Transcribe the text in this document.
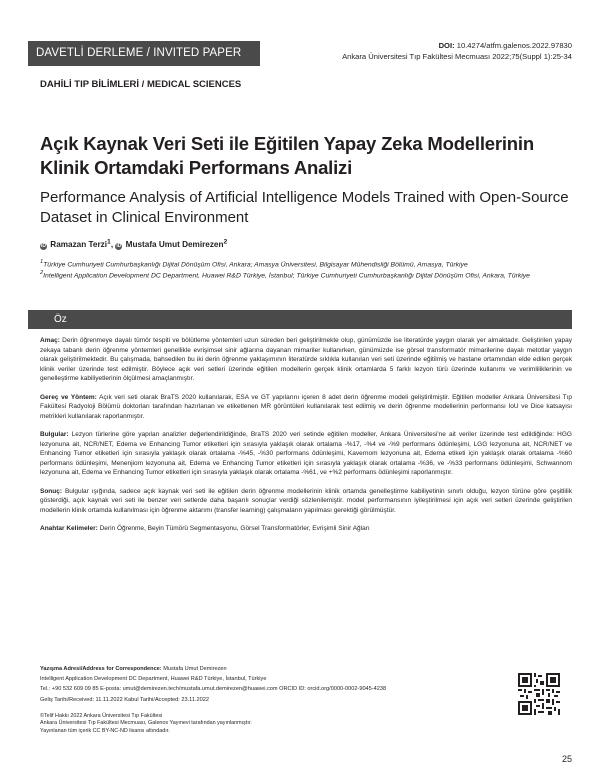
DAVETLİ DERLEME / INVITED PAPER
DOI: 10.4274/atfm.galenos.2022.97830
Ankara Üniversitesi Tıp Fakültesi Mecmuası 2022;75(Suppl 1):25-34
DAHİLİ TIP BİLİMLERİ / MEDICAL SCIENCES
Açık Kaynak Veri Seti ile Eğitilen Yapay Zeka Modellerinin Klinik Ortamdaki Performans Analizi
Performance Analysis of Artificial Intelligence Models Trained with Open-Source Dataset in Clinical Environment
iD Ramazan Terzi$^1$, iD Mustafa Umut Demirezen$^2$
$^1$Türkiye Cumhuriyeti Cumhurbaşkanlığı Dijital Dönüşüm Ofisi, Ankara; Amasya Üniversitesi, Bilgisayar Mühendisliği Bölümü, Amasya, Türkiye
$^2$Intelligent Application Development DC Department, Huawei R&D Türkiye, İstanbul; Türkiye Cumhuriyeti Cumhurbaşkanlığı Dijital Dönüşüm Ofisi, Ankara, Türkiye
Öz

Amaç: Derin öğrenmeye dayalı tümör tespiti ve bölütleme yöntemleri uzun süreden beri geliştirilmekte olup, günümüzde ise literatürde yaygın olarak yer almaktadır. Geliştirilen yapay zekaya tabanlı derin öğrenme yöntemleri genellikle evrişimsel sinir ağlarına dayanan mimariler kullanırken, günümüzde ise görsel transformatör mimarilerine dayalı metotlar yaygın olarak geliştirilmektedir. Bu çalışmada, bahsedilen bu iki derin öğrenme yaklaşımının literatürde sıklıkla kullanılan veri seti üzerinde eğitilmiş ve hastane ortamından elde edilen gerçek klinik veriler üzerinde test edilmiştir. Böylece açık veri setleri üzerinde eğitilen modellerin gerçek klinik ortamlarda 5 farklı lezyon türü üzerinde kullanımı ve verimliliklerinin ve genelleştirme kabiliyetlerinin ölçülmesi amaçlanmıştır.

Gereç ve Yöntem: Açık veri seti olarak BraTS 2020 kullanılarak, ESA ve GT yapılarını içeren 8 adet derin öğrenme modeli geliştirilmiştir. Eğitilen modeller Ankara Üniversitesi Tıp Fakültesi Radyoloji Bölümü doktorları tarafından hazırlanan ve etiketlenen MR görüntüleri kullanılarak test edilmiş ve derin öğrenme modellerinin performansı IoU ve Dice katsayısı metrikleri kullanılarak raporlanmıştır.

Bulgular: Lezyon türlerine göre yapılan analizler değerlendirildiğinde, BraTS 2020 veri setinde eğitilen modeller, Ankara Üniversitesi'ne ait veriler üzerinde test edildiğinde: HGG lezyonuna ait, NCR/NET, Edema ve Enhancing Tumor etiketleri için sırasıyla yaklaşık olarak ortalama -%17, -%4 ve -%9 performans ödünleşimi, LGG lezyonuna ait, NCR/NET ve Enhancing Tumor etiketleri için sırasıyla yaklaşık olarak ortalama -%45, -%30 performans ödünleşimi, Kavernom lezyonuna ait, Edema etiketi için yaklaşık olarak ortalama -%60 performans ödünleşimi, Menenjiom lezyonuna ait, Edema ve Enhancing Tumor etiketleri için sırasıyla yaklaşık olarak ortalama -%36, ve -%33 performans ödünleşimi, Schwannom lezyonuna ait, Edema ve Enhancing Tumor etiketleri için sırasıyla yaklaşık olarak ortalama -%61, ve +%2 performans ödünleşimi raporlanmıştır.

Sonuç: Bulgular ışığında, sadece açık kaynak veri seti ile eğitilen derin öğrenme modellerinin klinik ortamda genelleştirme kabiliyetinin sınırlı olduğu, lezyon türüne göre çeşitlilik gösterdiği, açık kaynak veri seti ile benzer veri setlerde daha başarılı sonuçlar verdiği sözlenilemiştir. model performansının iyileştirilmesi için açık veri setleri üzerinde geliştirilen modellerin klinik ortamda kullanılması için öğrenme aktarımı (transfer learning) çalışmaların yapılması gerektiği görülmüştür.

Anahtar Kelimeler: Derin Öğrenme, Beyin Tümörü Segmentasyonu, Görsel Transformatörler, Evrişimli Sinir Ağları

Yazışma Adresi/Address for Correspondence: Mustafa Umut Demirezen
Intelligent Application Development DC Department, Huawei R&D Türkiye, İstanbul, Türkiye
Tel.: +90 532 609 09 85 E-posta: umut@demirezen.tech/mustafa.umut.demirezen@huawei.com ORCID ID: orcid.org/0000-0002-9045-4238
Geliş Tarihi/Received: 11.11.2022 Kabul Tarihi/Accepted: 23.11.2022
©Telif Hakkı 2022 Ankara Üniversitesi Tıp Fakültesi
Ankara Üniversitesi Tıp Fakültesi Mecmuası, Galenos Yayınevi tarafından yayınlanmıştır.
Yayınlanan tüm içerik CC BY-NC-ND lisansı altındadır.
25
